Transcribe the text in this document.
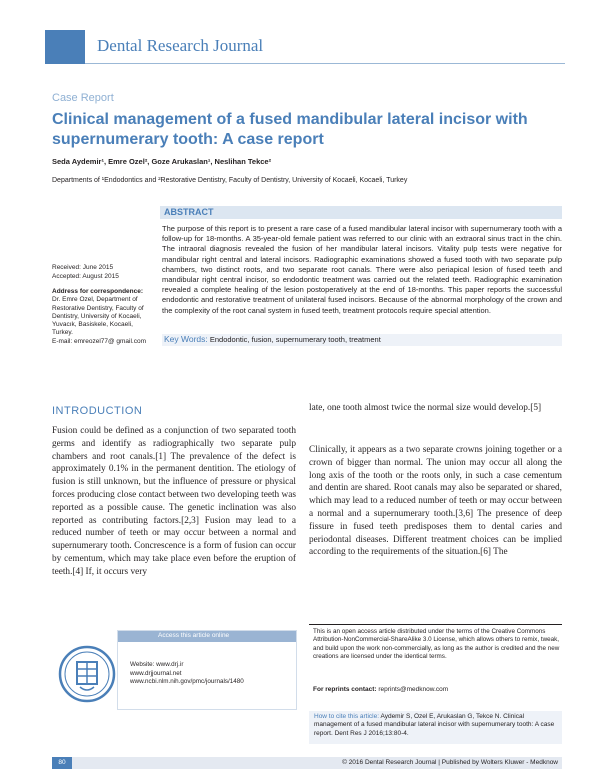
Dental Research Journal
Case Report
Clinical management of a fused mandibular lateral incisor with supernumerary tooth: A case report
Seda Aydemir¹, Emre Ozel², Goze Arukaslan¹, Neslihan Tekce²
Departments of ¹Endodontics and ²Restorative Dentistry, Faculty of Dentistry, University of Kocaeli, Kocaeli, Turkey
ABSTRACT
The purpose of this report is to present a rare case of a fused mandibular lateral incisor with supernumerary tooth with a follow-up for 18-months. A 35-year-old female patient was referred to our clinic with an extraoral sinus tract in the chin. The intraoral diagnosis revealed the fusion of her mandibular lateral incisors. Vitality pulp tests were negative for mandibular right central and lateral incisors. Radiographic examinations showed a fused tooth with two separate pulp chambers, two distinct roots, and two separate root canals. There were also periapical lesion of fused teeth and mandibular right central incisor, so endodontic treatment was carried out the related teeth. Radiographic examination revealed a complete healing of the lesion postoperatively at the end of 18-months. This paper reports the successful endodontic and restorative treatment of unilateral fused incisors. Because of the abnormal morphology of the crown and the complexity of the root canal system in fused teeth, treatment protocols require special attention.
Received: June 2015
Accepted: August 2015
Address for correspondence:
Dr. Emre Ozel, Department of Restorative Dentistry, Faculty of Dentistry, University of Kocaeli, Yuvacık, Basiskele, Kocaeli, Turkey.
E-mail: emreozel77@ gmail.com	Key Words: Endodontic, fusion, supernumerary tooth, treatment
INTRODUCTION
Fusion could be defined as a conjunction of two separated tooth germs and identify as radiographically two separate pulp chambers and root canals.[1] The prevalence of the defect is approximately 0.1% in the permanent dentition. The etiology of fusion is still unknown, but the influence of pressure or physical forces producing close contact between two developing teeth was reported as a possible cause. The genetic inclination was also reported as contributing factors.[2,3] Fusion may lead to a reduced number of teeth or may occur between a normal and supernumerary tooth. Concrescence is a form of fusion can occur by cementum, which may take place even before the eruption of teeth.[4] If, it occurs very
late, one tooth almost twice the normal size would develop.[5]
Clinically, it appears as a two separate crowns joining together or a crown of bigger than normal. The union may occur all along the long axis of the tooth or the roots only, in such a case cementum and dentin are shared. Root canals may also be separated or shared, which may lead to a reduced number of teeth or may occur between a normal and a supernumerary tooth.[3,6] The presence of deep fissure in fused teeth predisposes them to dental caries and periodontal diseases. Different treatment choices can be implied according to the requirements of the situation.[6] The
Access this article online
Website: www.drj.ir
www.drjjournal.net
www.ncbi.nlm.nih.gov/pmc/journals/1480
This is an open access article distributed under the terms of the Creative Commons Attribution-NonCommercial-ShareAlike 3.0 License, which allows others to remix, tweak, and build upon the work non-commercially, as long as the author is credited and the new creations are licensed under the identical terms.
For reprints contact: reprints@medknow.com
How to cite this article: Aydemir S, Ozel E, Arukaslan G, Tekce N. Clinical management of a fused mandibular lateral incisor with supernumerary tooth: A case report. Dent Res J 2016;13:80-4.
80	© 2016 Dental Research Journal | Published by Wolters Kluwer - Medknow
